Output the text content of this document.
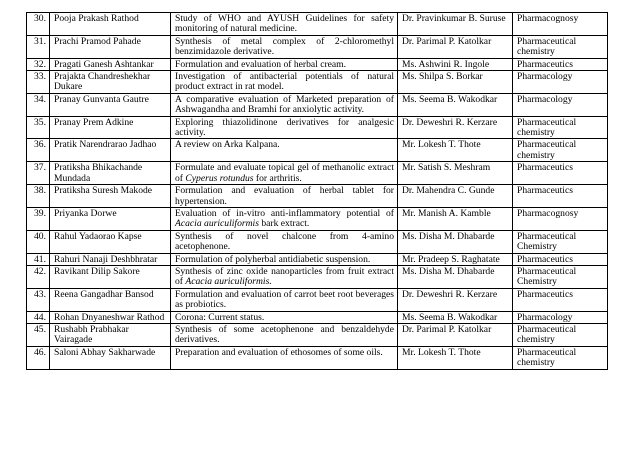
30.	Pooja Prakash Rathod	Study of WHO and AYUSH Guidelines for safety monitoring of natural medicine.	Dr. Pravinkumar B. Suruse	Pharmacognosy
31.	Prachi Pramod Pahade	Synthesis of metal complex of 2-chloromethyl benzimidazole derivative.	Dr. Parimal P. Katolkar	Pharmaceutical chemistry
32.	Pragati Ganesh Ashtankar	Formulation and evaluation of herbal cream.	Ms. Ashwini R. Ingole	Pharmaceutics
33.	Prajakta Chandreshekhar Dukare	Investigation of antibacterial potentials of natural product extract in rat model.	Ms. Shilpa S. Borkar	Pharmacology
34.	Pranay Gunvanta Gautre	A comparative evaluation of Marketed preparation of Ashwagandha and Bramhi for anxiolytic activity.	Ms. Seema B. Wakodkar	Pharmacology
35.	Pranay Prem Adkine	Exploring thiazolidinone derivatives for analgesic activity.	Dr. Deweshri R. Kerzare	Pharmaceutical chemistry
36.	Pratik Narendrarao Jadhao	A review on Arka Kalpana.	Mr. Lokesh T. Thote	Pharmaceutical chemistry
37.	Pratiksha Bhikachande Mundada	Formulate and evaluate topical gel of methanolic extract of Cyperus rotundus for arthritis.	Mr. Satish S. Meshram	Pharmaceutics
38.	Pratiksha Suresh Makode	Formulation and evaluation of herbal tablet for hypertension.	Dr. Mahendra C. Gunde	Pharmaceutics
39.	Priyanka Dorwe	Evaluation of in-vitro anti-inflammatory potential of Acacia auriculiformis bark extract.	Mr. Manish A. Kamble	Pharmacognosy
40.	Rahul Yadaorao Kapse	Synthesis of novel chalcone from 4-amino acetophenone.	Ms. Disha M. Dhabarde	Pharmaceutical Chemistry
41.	Rahuri Nanaji Deshbhratar	Formulation of polyherbal antidiabetic suspension.	Mr. Pradeep S. Raghatate	Pharmaceutics
42.	Ravikant Dilip Sakore	Synthesis of zinc oxide nanoparticles from fruit extract of Acacia auriculiformis.	Ms. Disha M. Dhabarde	Pharmaceutical Chemistry
43.	Reena Gangadhar Bansod	Formulation and evaluation of carrot beet root beverages as probiotics.	Dr. Deweshri R. Kerzare	Pharmaceutics
44.	Rohan Dnyaneshwar Rathod	Corona: Current status.	Ms. Seema B. Wakodkar	Pharmacology
45.	Rushabh Prabhakar Vairagade	Synthesis of some acetophenone and benzaldehyde derivatives.	Dr. Parimal P. Katolkar	Pharmaceutical chemistry
46.	Saloni Abhay Sakharwade	Preparation and evaluation of ethosomes of some oils.	Mr. Lokesh T. Thote	Pharmaceutical chemistry
